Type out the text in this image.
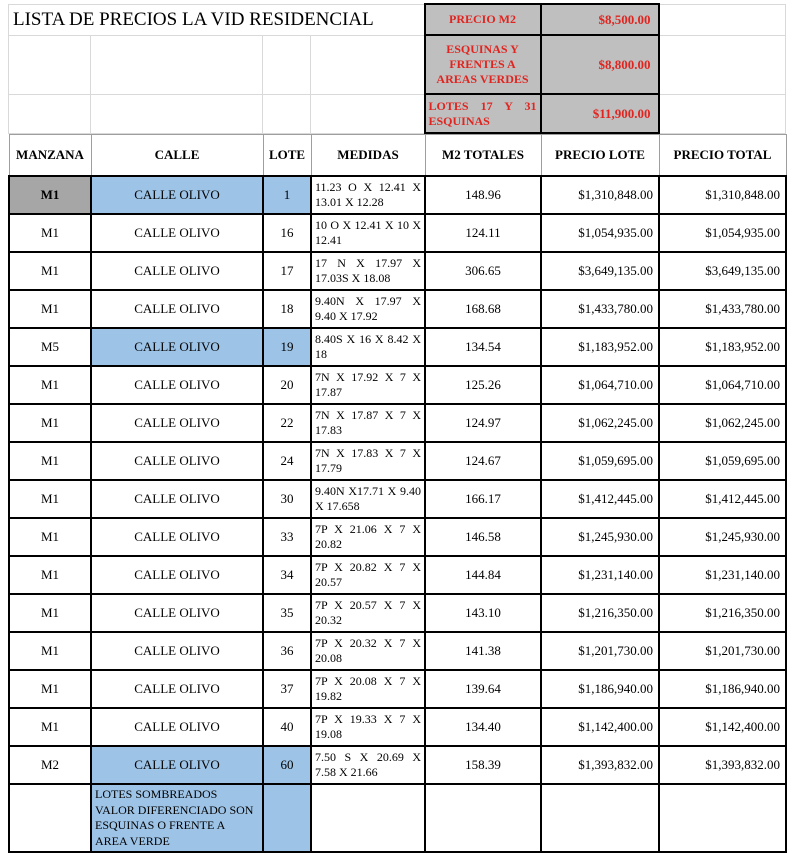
LISTA DE PRECIOS LA VID RESIDENCIAL				PRECIO M2	$8,500.00	
				ESQUINAS Y FRENTES A AREAS VERDES	$8,800.00	
				LOTES 17 Y 31 ESQUINAS	$11,900.00	
MANZANA	CALLE	LOTE	MEDIDAS	M2 TOTALES	PRECIO LOTE	PRECIO TOTAL
M1	CALLE OLIVO	1	11.23 O X 12.41 X 13.01 X 12.28	148.96	$1,310,848.00	$1,310,848.00
M1	CALLE OLIVO	16	10 O X 12.41 X 10 X 12.41	124.11	$1,054,935.00	$1,054,935.00
M1	CALLE OLIVO	17	17 N X 17.97 X 17.03S X 18.08	306.65	$3,649,135.00	$3,649,135.00
M1	CALLE OLIVO	18	9.40N X 17.97 X 9.40 X 17.92	168.68	$1,433,780.00	$1,433,780.00
M5	CALLE OLIVO	19	8.40S X 16 X 8.42 X 18	134.54	$1,183,952.00	$1,183,952.00
M1	CALLE OLIVO	20	7N X 17.92 X 7 X 17.87	125.26	$1,064,710.00	$1,064,710.00
M1	CALLE OLIVO	22	7N X 17.87 X 7 X 17.83	124.97	$1,062,245.00	$1,062,245.00
M1	CALLE OLIVO	24	7N X 17.83 X 7 X 17.79	124.67	$1,059,695.00	$1,059,695.00
M1	CALLE OLIVO	30	9.40N X17.71 X 9.40 X 17.658	166.17	$1,412,445.00	$1,412,445.00
M1	CALLE OLIVO	33	7P X 21.06 X 7 X 20.82	146.58	$1,245,930.00	$1,245,930.00
M1	CALLE OLIVO	34	7P X 20.82 X 7 X 20.57	144.84	$1,231,140.00	$1,231,140.00
M1	CALLE OLIVO	35	7P X 20.57 X 7 X 20.32	143.10	$1,216,350.00	$1,216,350.00
M1	CALLE OLIVO	36	7P X 20.32 X 7 X 20.08	141.38	$1,201,730.00	$1,201,730.00
M1	CALLE OLIVO	37	7P X 20.08 X 7 X 19.82	139.64	$1,186,940.00	$1,186,940.00
M1	CALLE OLIVO	40	7P X 19.33 X 7 X 19.08	134.40	$1,142,400.00	$1,142,400.00
M2	CALLE OLIVO	60	7.50 S X 20.69 X 7.58 X 21.66	158.39	$1,393,832.00	$1,393,832.00
	LOTES SOMBREADOS VALOR DIFERENCIADO SON ESQUINAS O FRENTE A AREA VERDE					
